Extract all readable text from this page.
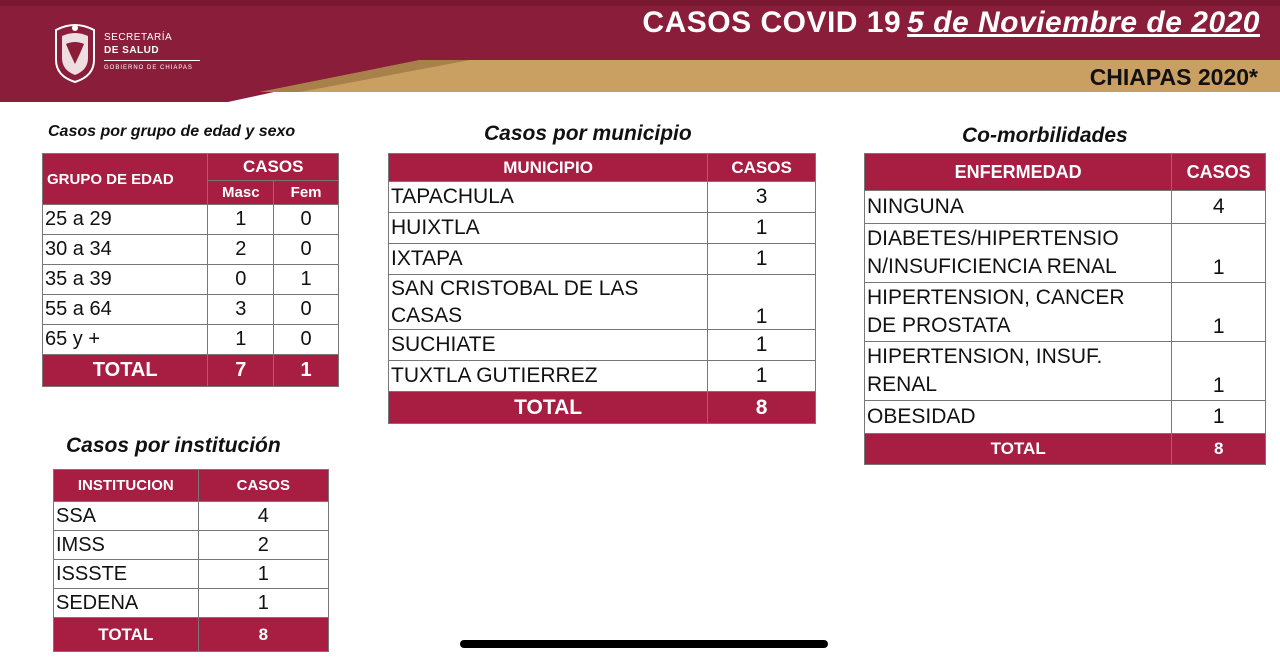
SECRETARÍA
DE SALUD
GOBIERNO DE CHIAPAS
CASOS COVID 19 5 de Noviembre de 2020
CHIAPAS 2020*
Casos por grupo de edad y sexo
GRUPO DE EDAD	CASOS	
	Masc	Fem
25 a 29	1	0
30 a 34	2	0
35 a 39	0	1
55 a 64	3	0
65 y +	1	0
TOTAL	7	1
Casos por municipio
MUNICIPIO	CASOS
TAPACHULA	3
HUIXTLA	1
IXTAPA	1
SAN CRISTOBAL DE LAS
CASAS	1
SUCHIATE	1
TUXTLA GUTIERREZ	1
TOTAL	8
Co-morbilidades
ENFERMEDAD	CASOS
NINGUNA	4
DIABETES/HIPERTENSIO
N/INSUFICIENCIA RENAL	1
HIPERTENSION, CANCER
DE PROSTATA	1
HIPERTENSION, INSUF.
RENAL	1
OBESIDAD	1
TOTAL	8
Casos por institución
INSTITUCION	CASOS
SSA	4
IMSS	2
ISSSTE	1
SEDENA	1
TOTAL	8
